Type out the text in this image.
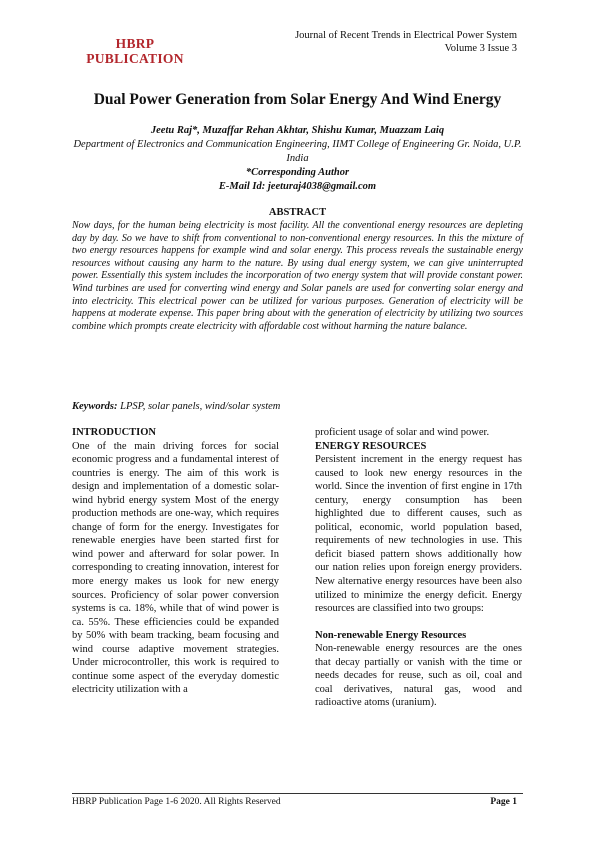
HBRP
PUBLICATION
Journal of Recent Trends in Electrical Power System
Volume 3 Issue 3
Dual Power Generation from Solar Energy And Wind Energy
Jeetu Raj*, Muzaffar Rehan Akhtar, Shishu Kumar, Muazzam Laiq
Department of Electronics and Communication Engineering, IIMT College of Engineering Gr. Noida, U.P. India
*Corresponding Author
E-Mail Id: jeeturaj4038@gmail.com
ABSTRACT
Now days, for the human being electricity is most facility. All the conventional energy resources are depleting day by day. So we have to shift from conventional to non-conventional energy resources. In this the mixture of two energy resources happens for example wind and solar energy. This process reveals the sustainable energy resources without causing any harm to the nature. By using dual energy system, we can give uninterrupted power. Essentially this system includes the incorporation of two energy system that will provide constant power. Wind turbines are used for converting wind energy and Solar panels are used for converting solar energy and into electricity. This electrical power can be utilized for various purposes. Generation of electricity will be happens at moderate expense. This paper bring about with the generation of electricity by utilizing two sources combine which prompts create electricity with affordable cost without harming the nature balance.
Keywords: LPSP, solar panels, wind/solar system

INTRODUCTION

One of the main driving forces for social economic progress and a fundamental interest of countries is energy. The aim of this work is design and implementation of a domestic solar-wind hybrid energy system Most of the energy production methods are one-way, which requires change of form for the energy. Investigates for renewable energies have been started first for wind power and afterward for solar power. In corresponding to creating innovation, interest for more energy makes us look for new energy sources. Proficiency of solar power conversion systems is ca. 18%, while that of wind power is ca. 55%. These efficiencies could be expanded by 50% with beam tracking, beam focusing and wind course adaptive movement strategies. Under microcontroller, this work is required to continue some aspect of the everyday domestic electricity utilization with a

proficient usage of solar and wind power.

ENERGY RESOURCES

Persistent increment in the energy request has caused to look new energy resources in the world. Since the invention of first engine in 17th century, energy consumption has been highlighted due to different causes, such as political, economic, world population based, requirements of new technologies in use. This deficit biased pattern shows additionally how our nation relies upon foreign energy providers. New alternative energy resources have been also utilized to minimize the energy deficit. Energy resources are classified into two groups:

Non-renewable Energy Resources

Non-renewable energy resources are the ones that decay partially or vanish with the time or needs decades for reuse, such as oil, coal and coal derivatives, natural gas, wood and radioactive atoms (uranium).

HBRP Publication Page 1-6 2020. All Rights Reserved	Page 1
